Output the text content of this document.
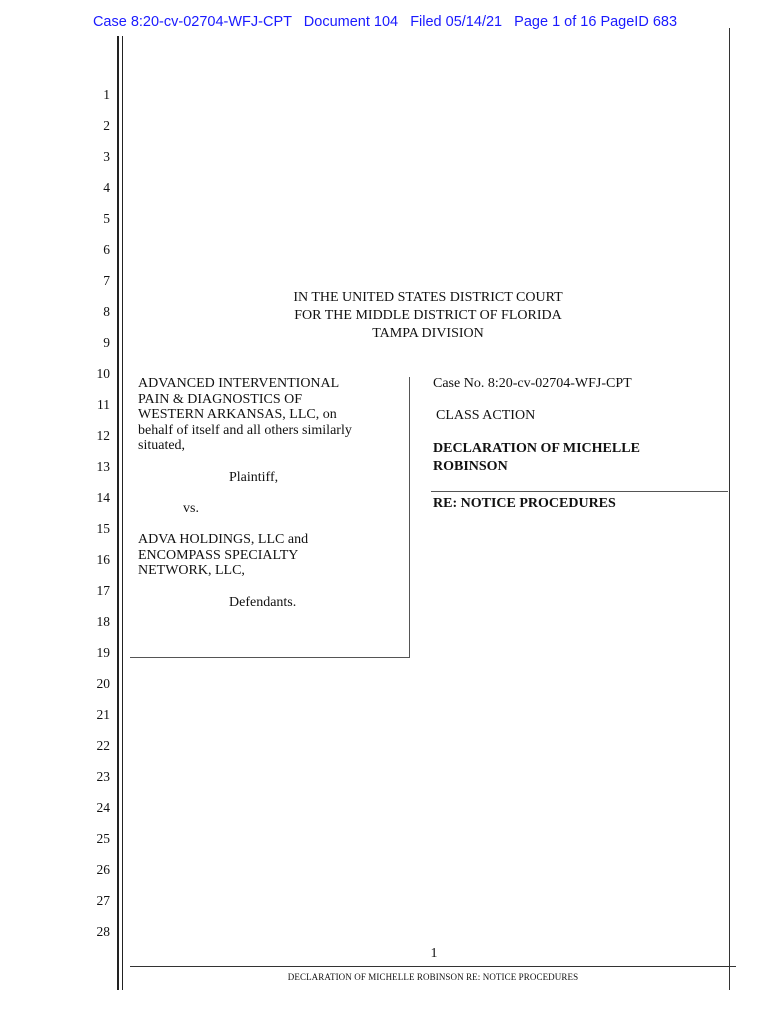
Case 8:20-cv-02704-WFJ-CPT   Document 104   Filed 05/14/21   Page 1 of 16 PageID 683
1
2
3
4
5
6
7
8
9
10
11
12
13
14
15
16
17
18
19
20
21
22
23
24
25
26
27
28
IN THE UNITED STATES DISTRICT COURT
FOR THE MIDDLE DISTRICT OF FLORIDA
TAMPA DIVISION

ADVANCED INTERVENTIONAL

PAIN & DIAGNOSTICS OF

WESTERN ARKANSAS, LLC, on

behalf of itself and all others similarly

situated,

Plaintiff,
vs.
ADVA HOLDINGS, LLC and
ENCOMPASS SPECIALTY
NETWORK, LLC,
Defendants.
Case No. 8:20-cv-02704-WFJ-CPT
CLASS ACTION
DECLARATION OF MICHELLE
ROBINSON
RE: NOTICE PROCEDURES
1
DECLARATION OF MICHELLE ROBINSON RE: NOTICE PROCEDURES
